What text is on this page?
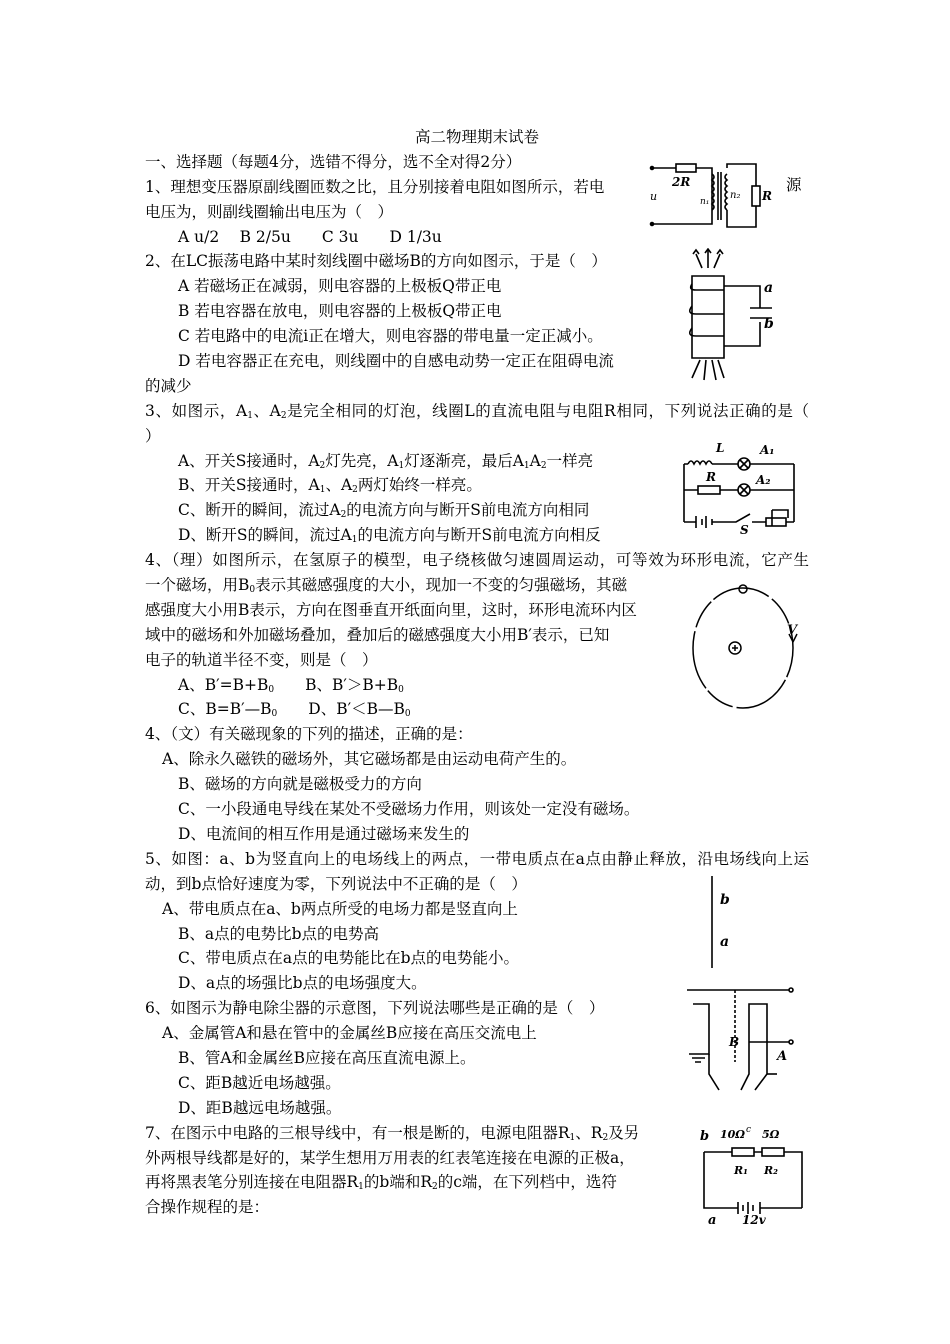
高二物理期末试卷
一、选择题（每题4分，选错不得分，选不全对得2分）
1、理想变压器原副线圈匝数之比，且分别接着电阻如图所示，若电
电压为，则副线圈输出电压为（　）
A u/2　 B 2/5u　　C 3u　　D 1/3u
2、在LC振荡电路中某时刻线圈中磁场B的方向如图示，于是（　）
A 若磁场正在减弱，则电容器的上极板Q带正电
B 若电容器在放电，则电容器的上极板Q带正电
C 若电路中的电流i正在增大，则电容器的带电量一定正减小。
D 若电容器正在充电，则线圈中的自感电动势一定正在阻碍电流
的减少
3、如图示，$A_1$、$A_2$是完全相同的灯泡，线圈L的直流电阻与电阻R相同，下列说法正确的是（
）
A、开关S接通时，$A_2$灯先亮，$A_1$灯逐渐亮，最后$A_1A_2$一样亮
B、开关S接通时，$A_1$、$A_2$两灯始终一样亮。
C、断开的瞬间，流过$A_2$的电流方向与断开S前电流方向相同
D、断开S的瞬间，流过$A_1$的电流方向与断开S前电流方向相反
4、（理）如图所示，在氢原子的模型，电子绕核做匀速圆周运动，可等效为环形电流，它产生
一个磁场，用$B_0$表示其磁感强度的大小，现加一不变的匀强磁场，其磁
感强度大小用B表示，方向在图垂直开纸面向里，这时，环形电流环内区
域中的磁场和外加磁场叠加，叠加后的磁感强度大小用B′表示，已知
电子的轨道半径不变，则是（　）
A、$B'=B+B_0$　　B、$B'>B+B_0$
C、$B=B'—B_0$　　D、$B'<B—B_0$
4、（文）有关磁现象的下列的描述，正确的是：
A、除永久磁铁的磁场外，其它磁场都是由运动电荷产生的。
B、磁场的方向就是磁极受力的方向
C、一小段通电导线在某处不受磁场力作用，则该处一定没有磁场。
D、电流间的相互作用是通过磁场来发生的
5、如图：a、b为竖直向上的电场线上的两点，一带电质点在a点由静止释放，沿电场线向上运
动，到b点恰好速度为零，下列说法中不正确的是（　）
A、带电质点在a、b两点所受的电场力都是竖直向上
B、a点的电势比b点的电势高
C、带电质点在a点的电势能比在b点的电势能小。
D、a点的场强比b点的电场强度大。
6、如图示为静电除尘器的示意图，下列说法哪些是正确的是（　）
A、金属管A和悬在管中的金属丝B应接在高压交流电上
B、管A和金属丝B应接在高压直流电源上。
C、距B越近电场越强。
D、距B越远电场越强。
7、在图示中电路的三根导线中，有一根是断的，电源电阻器$R_1$、$R_2$及另
外两根导线都是好的，某学生想用万用表的红表笔连接在电源的正极a，
再将黑表笔分别连接在电阻器$R_1$的b端和$R_2$的c端，在下列档中，选符
合操作规程的是：
源
2R
u	n₁
n₂ R
a
b
L	A₁
R	A₂
S
V
b
a
B
A
b 10Ω c 5Ω
R₁ R₂
a 12v
